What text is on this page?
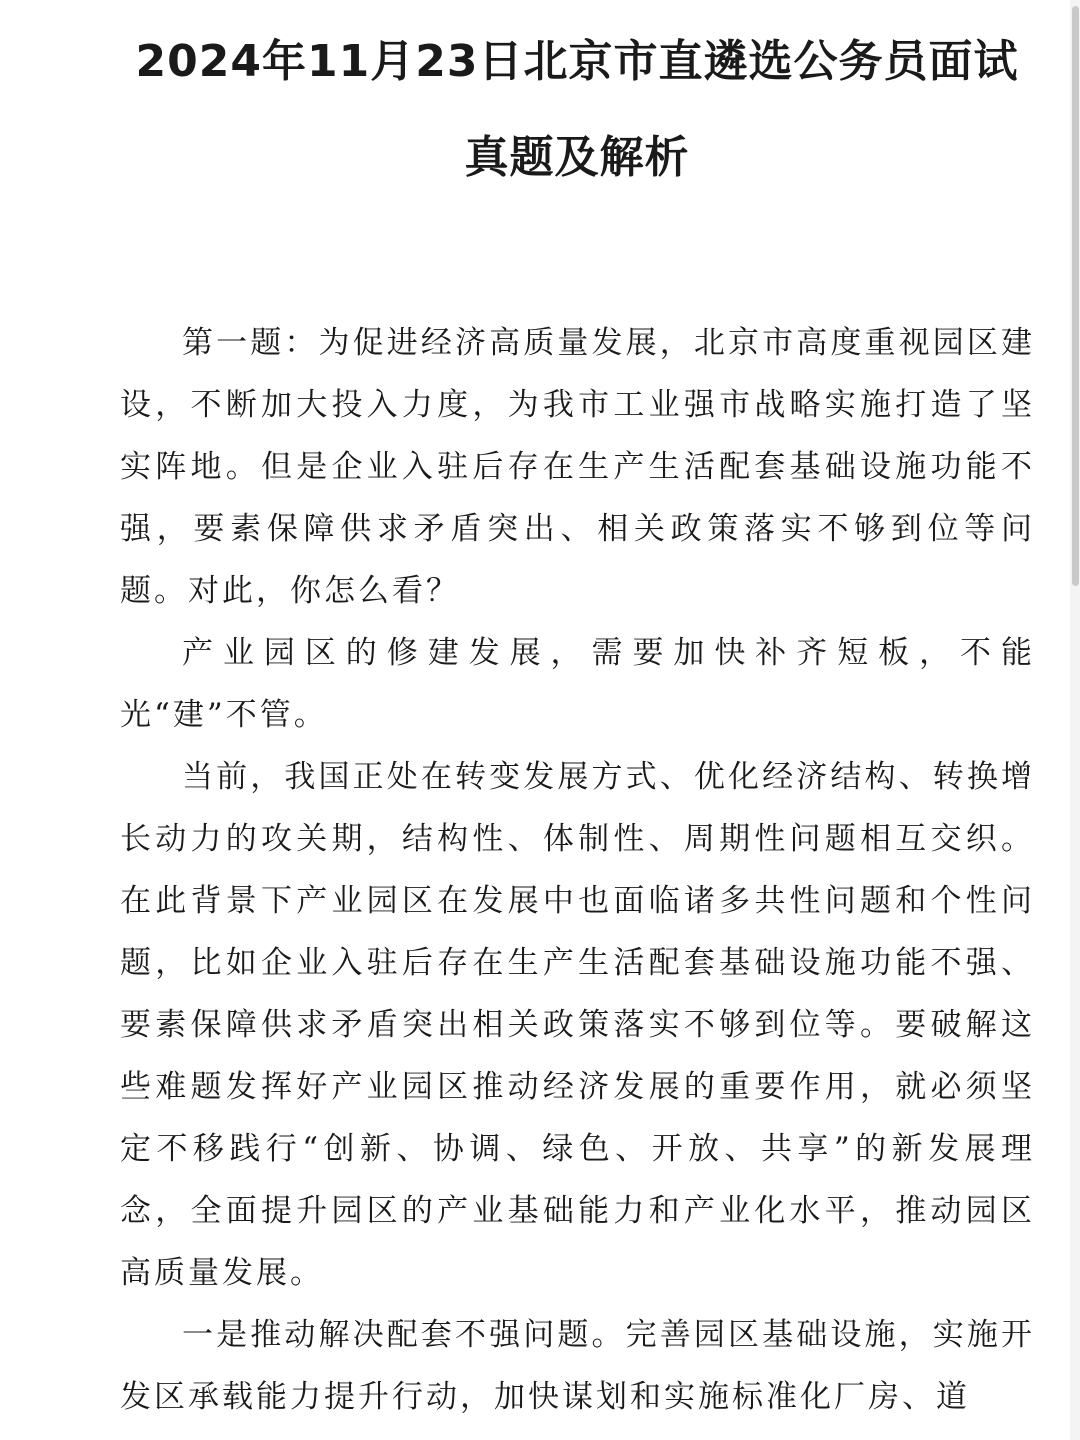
2024年11月23日北京市直遴选公务员面试
真题及解析

第一题：为促进经济高质量发展，北京市高度重视园区建设，不断加大投入力度，为我市工业强市战略实施打造了坚实阵地。但是企业入驻后存在生产生活配套基础设施功能不强，要素保障供求矛盾突出、相关政策落实不够到位等问题。对此，你怎么看？

产业园区的修建发展，需要加快补齐短板，不能光“建”不管。

当前，我国正处在转变发展方式、优化经济结构、转换增长动力的攻关期，结构性、体制性、周期性问题相互交织。在此背景下产业园区在发展中也面临诸多共性问题和个性问题，比如企业入驻后存在生产生活配套基础设施功能不强、要素保障供求矛盾突出相关政策落实不够到位等。要破解这些难题发挥好产业园区推动经济发展的重要作用，就必须坚定不移践行“创新、协调、绿色、开放、共享”的新发展理念，全面提升园区的产业基础能力和产业化水平，推动园区高质量发展。

一是推动解决配套不强问题。完善园区基础设施，实施开发区承载能力提升行动，加快谋划和实施标准化厂房、道
